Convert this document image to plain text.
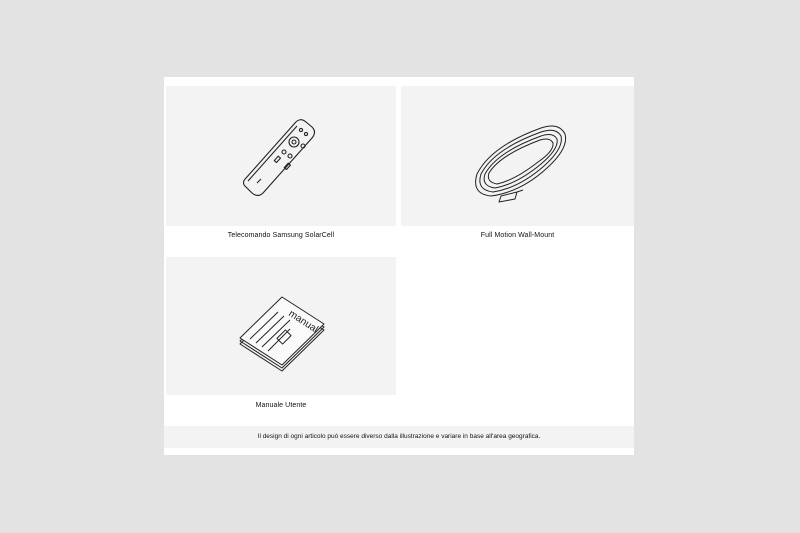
Telecomando Samsung SolarCell	Full Motion Wall-Mount
manual
Manuale Utente
Il design di ogni articolo può essere diverso dalla illustrazione e variare in base all'area geografica.
